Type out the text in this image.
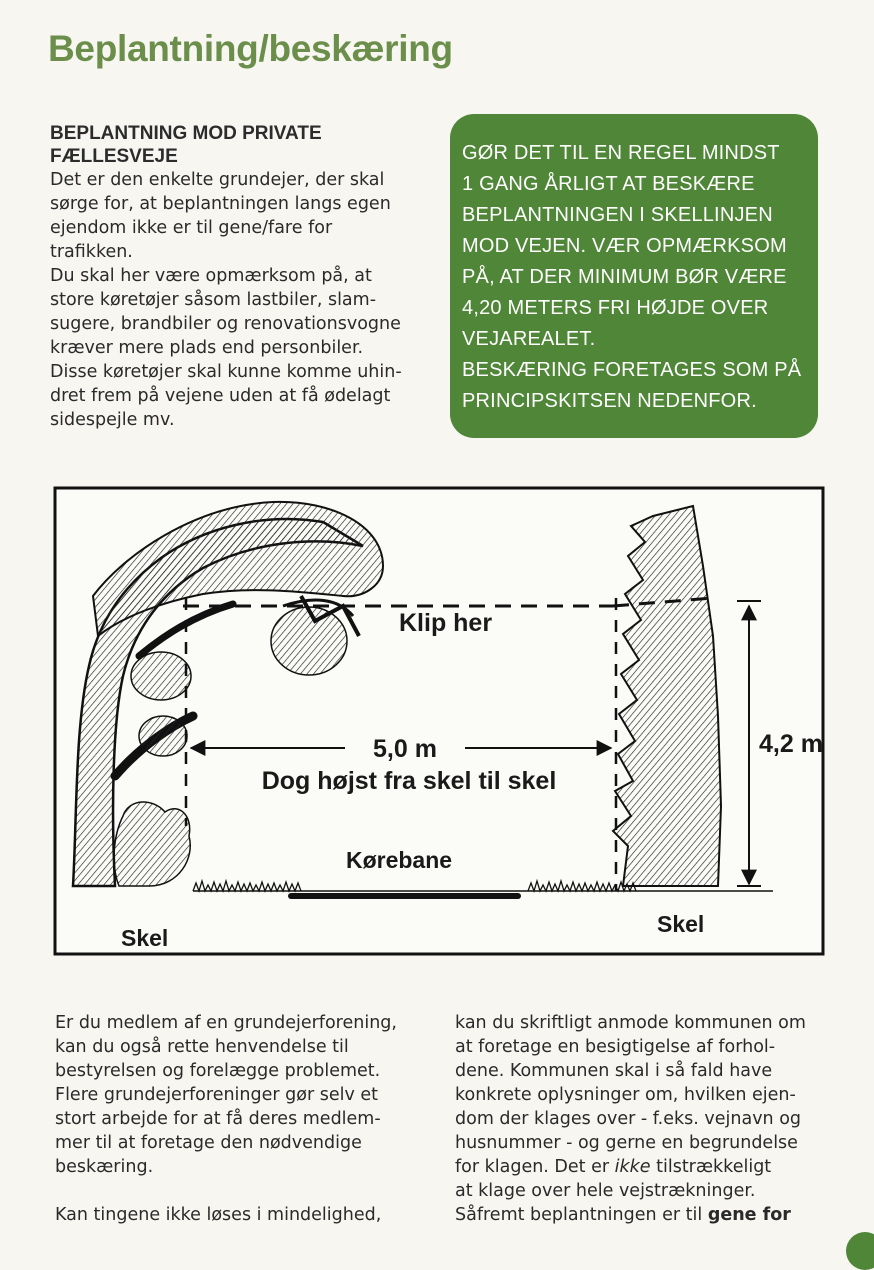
Beplantning/beskæring
BEPLANTNING MOD PRIVATE
FÆLLESVEJE
Det er den enkelte grundejer, der skal
sørge for, at beplantningen langs egen
ejendom ikke er til gene/fare for
trafikken.
Du skal her være opmærksom på, at
store køretøjer såsom lastbiler, slam-
sugere, brandbiler og renovationsvogne
kræver mere plads end personbiler.
Disse køretøjer skal kunne komme uhin-
dret frem på vejene uden at få ødelagt
sidespejle mv.
GØR DET TIL EN REGEL MINDST
1 GANG ÅRLIGT AT BESKÆRE
BEPLANTNINGEN I SKELLINJEN
MOD VEJEN. VÆR OPMÆRKSOM
PÅ, AT DER MINIMUM BØR VÆRE
4,20 METERS FRI HØJDE OVER
VEJAREALET.
BESKÆRING FORETAGES SOM PÅ
PRINCIPSKITSEN NEDENFOR.
Klip her
5,0 m
Dog højst fra skel til skel
4,2 m
Kørebane
Skel
Skel
Er du medlem af en grundejerforening,
kan du også rette henvendelse til
bestyrelsen og forelægge problemet.
Flere grundejerforeninger gør selv et
stort arbejde for at få deres medlem-
mer til at foretage den nødvendige
beskæring.
Kan tingene ikke løses i mindelighed,
kan du skriftligt anmode kommunen om
at foretage en besigtigelse af forhol-
dene. Kommunen skal i så fald have
konkrete oplysninger om, hvilken ejen-
dom der klages over - f.eks. vejnavn og
husnummer - og gerne en begrundelse
for klagen. Det er ikke tilstrækkeligt
at klage over hele vejstrækninger.
Såfremt beplantningen er til gene for
